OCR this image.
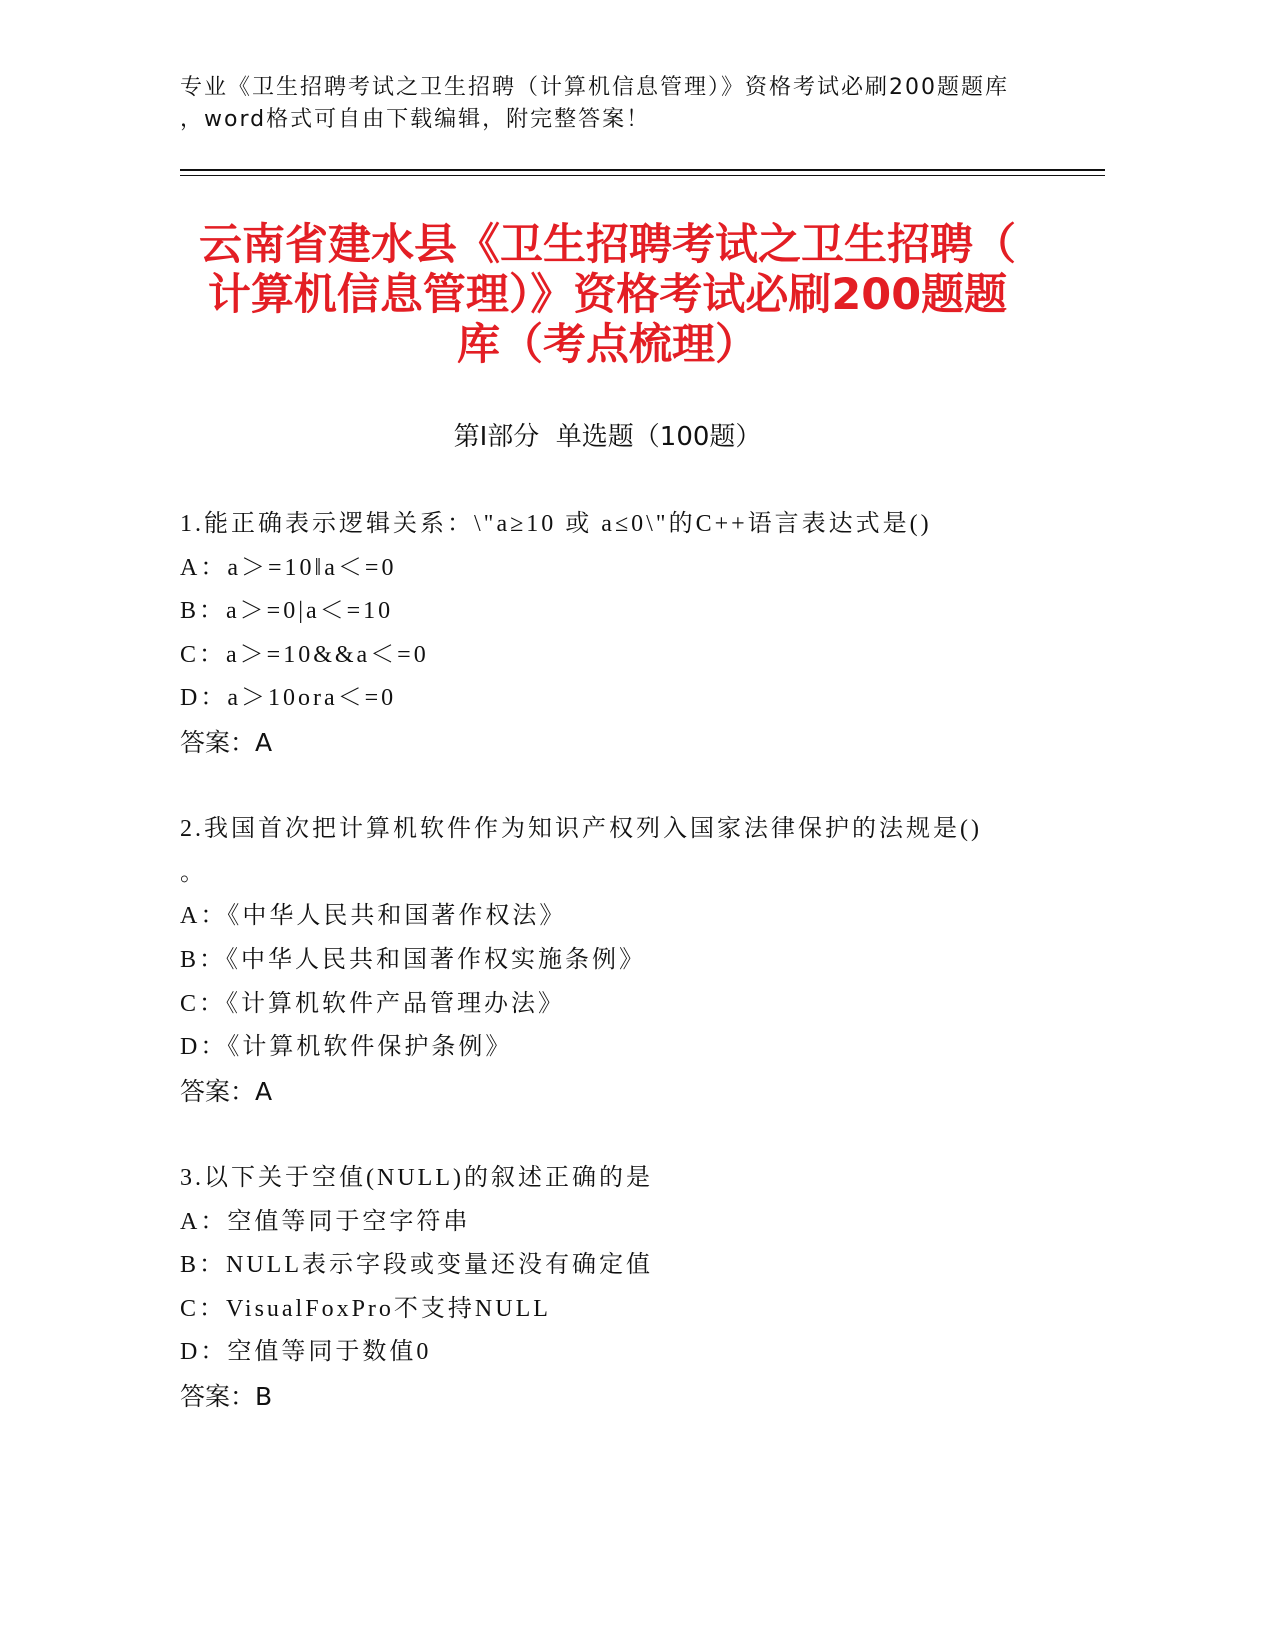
专业《卫生招聘考试之卫生招聘（计算机信息管理）》资格考试必刷200题题库，word格式可自由下载编辑，附完整答案！
云南省建水县《卫生招聘考试之卫生招聘（计算机信息管理）》资格考试必刷200题题库（考点梳理）
第I部分  单选题（100题）
1.能正确表示逻辑关系：\"a≥10 或 a≤0\"的C++语言表达式是()
A：a＞=10‖a＜=0
B：a＞=0|a＜=10
C：a＞=10&&a＜=0
D：a＞10ora＜=0
答案：A
2.我国首次把计算机软件作为知识产权列入国家法律保护的法规是()。
A：《中华人民共和国著作权法》
B：《中华人民共和国著作权实施条例》
C：《计算机软件产品管理办法》
D：《计算机软件保护条例》
答案：A
3.以下关于空值(NULL)的叙述正确的是
A：空值等同于空字符串
B：NULL表示字段或变量还没有确定值
C：VisualFoxPro不支持NULL
D：空值等同于数值0
答案：B
